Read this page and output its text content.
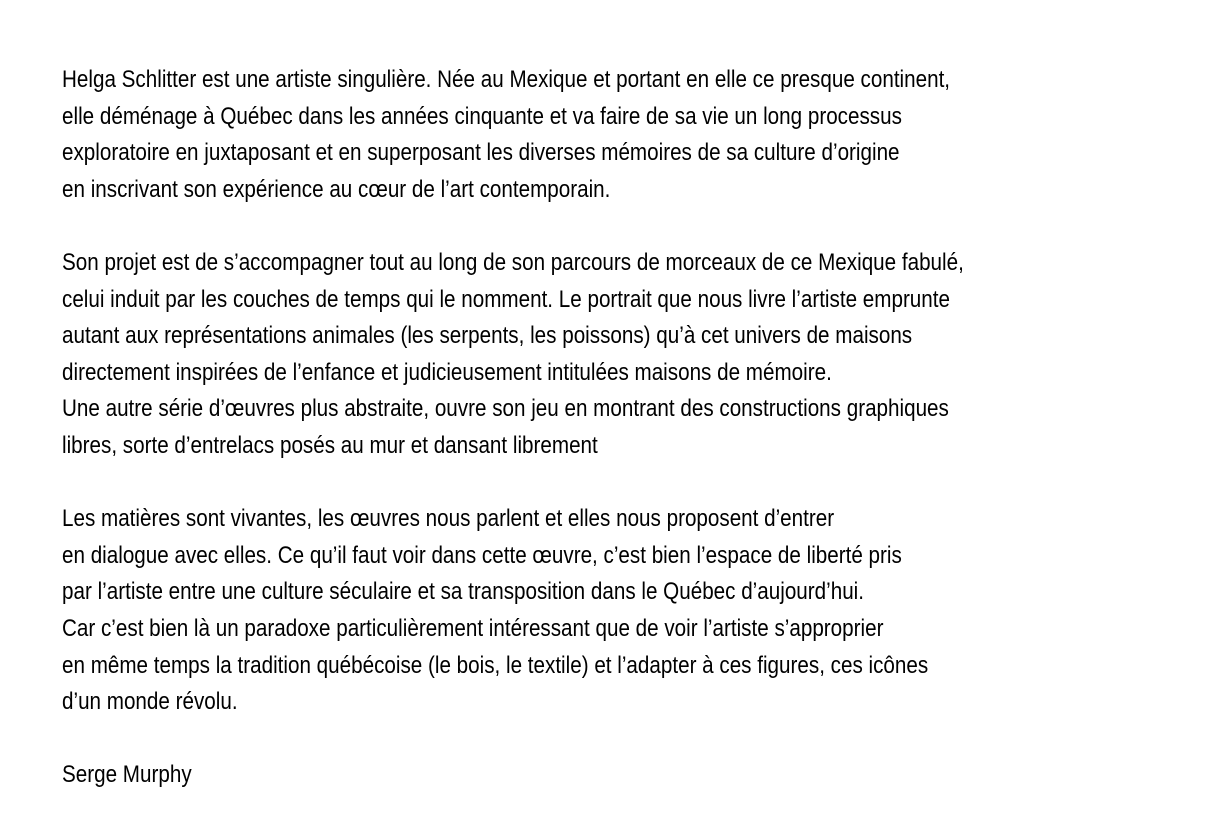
Helga Schlitter est une artiste singulière. Née au Mexique et portant en elle ce presque continent,
elle déménage à Québec dans les années cinquante et va faire de sa vie un long processus
exploratoire en juxtaposant et en superposant les diverses mémoires de sa culture d’origine
en inscrivant son expérience au cœur de l’art contemporain.
Son projet est de s’accompagner tout au long de son parcours de morceaux de ce Mexique fabulé,
celui induit par les couches de temps qui le nomment. Le portrait que nous livre l’artiste emprunte
autant aux représentations animales (les serpents, les poissons) qu’à cet univers de maisons
directement inspirées de l’enfance et judicieusement intitulées maisons de mémoire.
Une autre série d’œuvres plus abstraite, ouvre son jeu en montrant des constructions graphiques
libres, sorte d’entrelacs posés au mur et dansant librement
Les matières sont vivantes, les œuvres nous parlent et elles nous proposent d’entrer
en dialogue avec elles. Ce qu’il faut voir dans cette œuvre, c’est bien l’espace de liberté pris
par l’artiste entre une culture séculaire et sa transposition dans le Québec d’aujourd’hui.
Car c’est bien là un paradoxe particulièrement intéressant que de voir l’artiste s’approprier
en même temps la tradition québécoise (le bois, le textile) et l’adapter à ces figures, ces icônes
d’un monde révolu.
Serge Murphy
